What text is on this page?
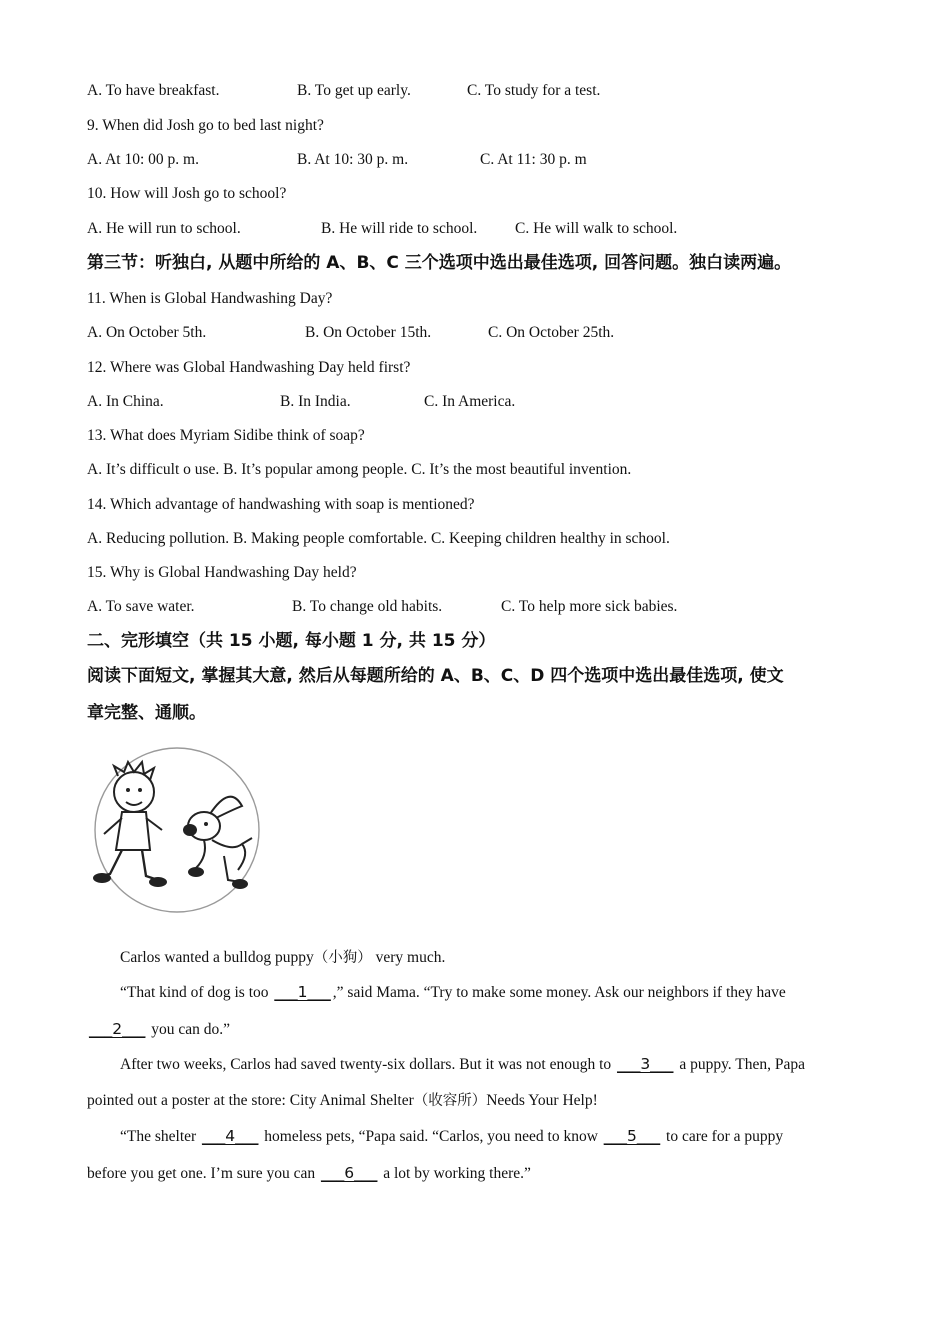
A. To have breakfast.	B. To get up early.	C. To study for a test.
9. When did Josh go to bed last night?
A. At 10: 00 p. m.	B. At 10: 30 p. m.	C. At 11: 30 p. m
10. How will Josh go to school?
A. He will run to school.	B. He will ride to school. C. He will walk to school.
第三节：听独白, 从题中所给的 A、B、C 三个选项中选出最佳选项, 回答问题。独白读两遍。
11. When is Global Handwashing Day?
A. On October 5th.	B. On October 15th.	C. On October 25th.
12. Where was Global Handwashing Day held first?
A. In China.	B. In India.	C. In America.
13. What does Myriam Sidibe think of soap?
A. It’s difficult o use. B. It’s popular among people. C. It’s the most beautiful invention.
14. Which advantage of handwashing with soap is mentioned?
A. Reducing pollution. B. Making people comfortable. C. Keeping children healthy in school.
15. Why is Global Handwashing Day held?
A. To save water.	B. To change old habits.	C. To help more sick babies.
二、完形填空（共 15 小题, 每小题 1 分, 共 15 分）
阅读下面短文, 掌握其大意, 然后从每题所给的 A、B、C、D 四个选项中选出最佳选项, 使文
章完整、通顺。
Carlos wanted a bulldog puppy（小狗） very much.
“That kind of dog is too ___1___ ,” said Mama. “Try to make some money. Ask our neighbors if they have
___2___ you can do.”
After two weeks, Carlos had saved twenty-six dollars. But it was not enough to ___3___ a puppy. Then, Papa
pointed out a poster at the store: City Animal Shelter（收容所）Needs Your Help!
“The shelter ___4___ homeless pets, “Papa said. “Carlos, you need to know ___5___ to care for a puppy
before you get one. I’m sure you can ___6___ a lot by working there.”
